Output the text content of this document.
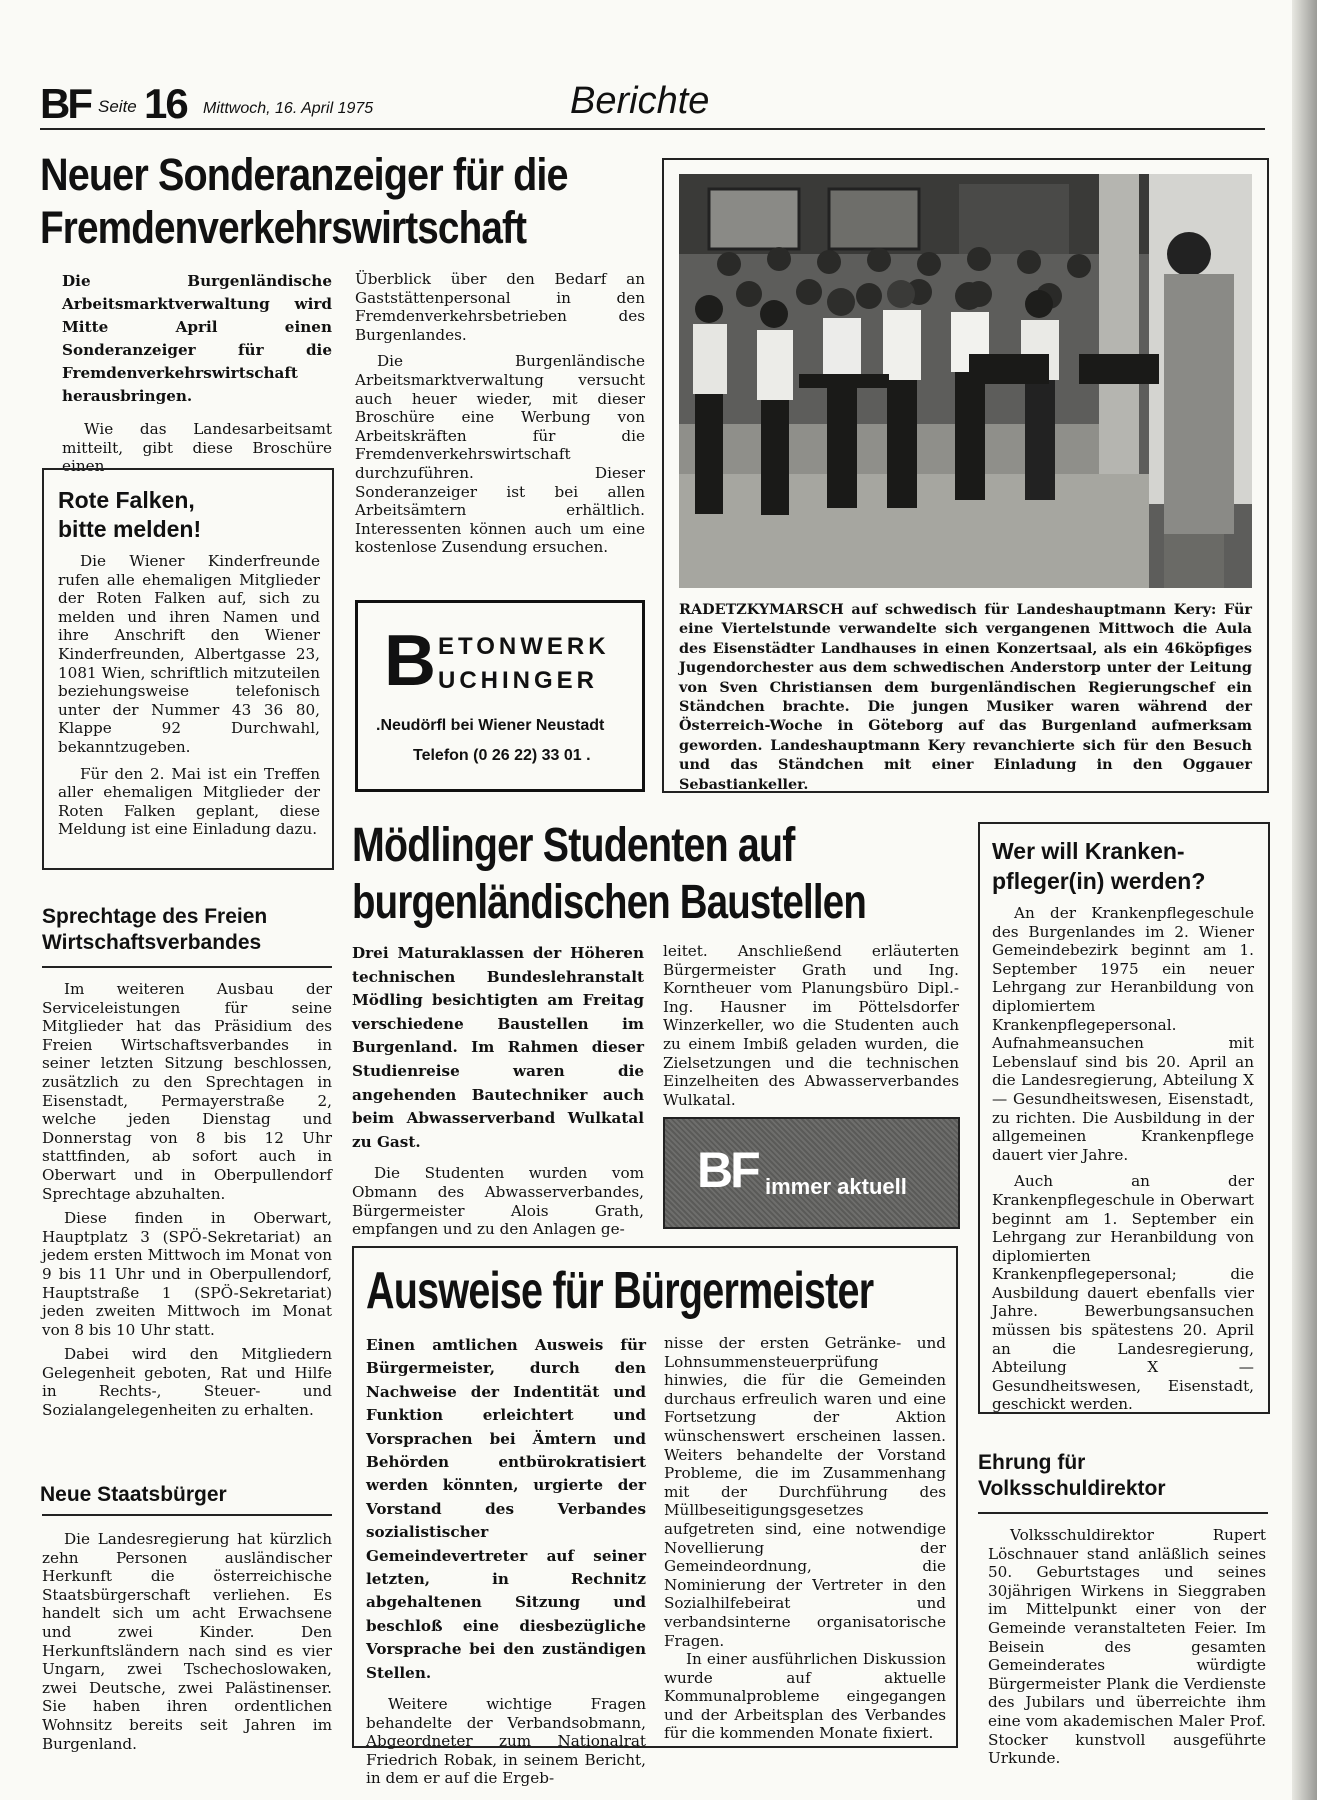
BF Seite 16 Mittwoch, 16. April 1975	Berichte
Neuer Sonderanzeiger für die
Fremdenverkehrswirtschaft

Die Burgenländische Arbeitsmarktverwaltung wird Mitte April einen Sonderanzeiger für die Fremdenverkehrswirtschaft herausbringen.

Wie das Landesarbeitsamt mitteilt, gibt diese Broschüre einen

Überblick über den Bedarf an Gaststättenpersonal in den Fremdenverkehrsbetrieben des Burgenlandes.

Die Burgenländische Arbeitsmarktverwaltung versucht auch heuer wieder, mit dieser Broschüre eine Werbung von Arbeitskräften für die Fremdenverkehrswirtschaft durchzuführen. Dieser Sonderanzeiger ist bei allen Arbeitsämtern erhältlich. Interessenten können auch um eine kostenlose Zusendung ersuchen.

Rote Falken,
bitte melden!

Die Wiener Kinderfreunde rufen alle ehemaligen Mitglieder der Roten Falken auf, sich zu melden und ihren Namen und ihre Anschrift den Wiener Kinderfreunden, Albertgasse 23, 1081 Wien, schriftlich mitzuteilen beziehungsweise telefonisch unter der Nummer 43 36 80, Klappe 92 Durchwahl, bekanntzugeben.

Für den 2. Mai ist ein Treffen aller ehemaligen Mitglieder der Roten Falken geplant, diese Meldung ist eine Einladung dazu.

B ETONWERK
UCHINGER
.Neudörfl bei Wiener Neustadt
Telefon (0 26 22) 33 01 .

RADETZKYMARSCH auf schwedisch für Landeshauptmann Kery: Für eine Viertelstunde verwandelte sich vergangenen Mittwoch die Aula des Eisenstädter Landhauses in einen Konzertsaal, als ein 46köpfiges Jugendorchester aus dem schwedischen Anderstorp unter der Leitung von Sven Christiansen dem burgenländischen Regierungschef ein Ständchen brachte. Die jungen Musiker waren während der Österreich-Woche in Göteborg auf das Burgenland aufmerksam geworden. Landeshauptmann Kery revanchierte sich für den Besuch und das Ständchen mit einer Einladung in den Oggauer Sebastiankeller.

Mödlinger Studenten auf
burgenländischen Baustellen

Drei Maturaklassen der Höheren technischen Bundeslehranstalt Mödling besichtigten am Freitag verschiedene Baustellen im Burgenland. Im Rahmen dieser Studienreise waren die angehenden Bautechniker auch beim Abwasserverband Wulkatal zu Gast.

Die Studenten wurden vom Obmann des Abwasserverbandes, Bürgermeister Alois Grath, empfangen und zu den Anlagen ge-

leitet. Anschließend erläuterten Bürgermeister Grath und Ing. Korntheuer vom Planungsbüro Dipl.-Ing. Hausner im Pöttelsdorfer Winzerkeller, wo die Studenten auch zu einem Imbiß geladen wurden, die Zielsetzungen und die technischen Einzelheiten des Abwasserverbandes Wulkatal.

BF immer aktuell
Wer will Kranken-
pfleger(in) werden?

An der Krankenpflegeschule des Burgenlandes im 2. Wiener Gemeindebezirk beginnt am 1. September 1975 ein neuer Lehrgang zur Heranbildung von diplomiertem Krankenpflegepersonal. Aufnahmeansuchen mit Lebenslauf sind bis 20. April an die Landesregierung, Abteilung X — Gesundheitswesen, Eisenstadt, zu richten. Die Ausbildung in der allgemeinen Krankenpflege dauert vier Jahre.

Auch an der Krankenpflegeschule in Oberwart beginnt am 1. September ein Lehrgang zur Heranbildung von diplomierten Krankenpflegepersonal; die Ausbildung dauert ebenfalls vier Jahre. Bewerbungsansuchen müssen bis spätestens 20. April an die Landesregierung, Abteilung X — Gesundheitswesen, Eisenstadt, geschickt werden.

Sprechtage des Freien
Wirtschaftsverbandes

Im weiteren Ausbau der Serviceleistungen für seine Mitglieder hat das Präsidium des Freien Wirtschaftsverbandes in seiner letzten Sitzung beschlossen, zusätzlich zu den Sprechtagen in Eisenstadt, Permayerstraße 2, welche jeden Dienstag und Donnerstag von 8 bis 12 Uhr stattfinden, ab sofort auch in Oberwart und in Oberpullendorf Sprechtage abzuhalten.

Diese finden in Oberwart, Hauptplatz 3 (SPÖ-Sekretariat) an jedem ersten Mittwoch im Monat von 9 bis 11 Uhr und in Oberpullendorf, Hauptstraße 1 (SPÖ-Sekretariat) jeden zweiten Mittwoch im Monat von 8 bis 10 Uhr statt.

Dabei wird den Mitgliedern Gelegenheit geboten, Rat und Hilfe in Rechts-, Steuer- und Sozialangelegenheiten zu erhalten.

Neue Staatsbürger

Die Landesregierung hat kürzlich zehn Personen ausländischer Herkunft die österreichische Staatsbürgerschaft verliehen. Es handelt sich um acht Erwachsene und zwei Kinder. Den Herkunftsländern nach sind es vier Ungarn, zwei Tschechoslowaken, zwei Deutsche, zwei Palästinenser. Sie haben ihren ordentlichen Wohnsitz bereits seit Jahren im Burgenland.

Ausweise für Bürgermeister

Einen amtlichen Ausweis für Bürgermeister, durch den Nachweise der Indentität und Funktion erleichtert und Vorsprachen bei Ämtern und Behörden entbürokratisiert werden könnten, urgierte der Vorstand des Verbandes sozialistischer Gemeindevertreter auf seiner letzten, in Rechnitz abgehaltenen Sitzung und beschloß eine diesbezügliche Vorsprache bei den zuständigen Stellen.

Weitere wichtige Fragen behandelte der Verbandsobmann, Abgeordneter zum Nationalrat Friedrich Robak, in seinem Bericht, in dem er auf die Ergeb-

nisse der ersten Getränke- und Lohnsummensteuerprüfung hinwies, die für die Gemeinden durchaus erfreulich waren und eine Fortsetzung der Aktion wünschenswert erscheinen lassen. Weiters behandelte der Vorstand Probleme, die im Zusammenhang mit der Durchführung des Müllbeseitigungsgesetzes aufgetreten sind, eine notwendige Novellierung der Gemeindeordnung, die Nominierung der Vertreter in den Sozialhilfebeirat und verbandsinterne organisatorische Fragen.

In einer ausführlichen Diskussion wurde auf aktuelle Kommunalprobleme eingegangen und der Arbeitsplan des Verbandes für die kommenden Monate fixiert.

Ehrung für
Volksschuldirektor

Volksschuldirektor Rupert Löschnauer stand anläßlich seines 50. Geburtstages und seines 30jährigen Wirkens in Sieggraben im Mittelpunkt einer von der Gemeinde veranstalteten Feier. Im Beisein des gesamten Gemeinderates würdigte Bürgermeister Plank die Verdienste des Jubilars und überreichte ihm eine vom akademischen Maler Prof. Stocker kunstvoll ausgeführte Urkunde.
